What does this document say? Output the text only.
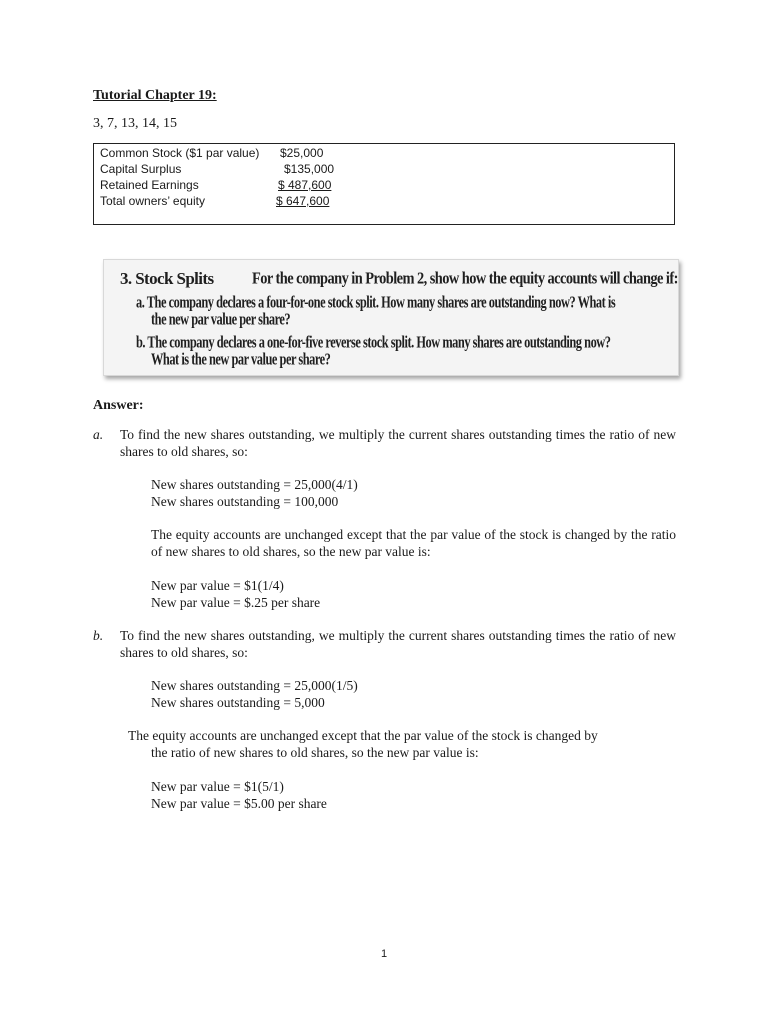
Tutorial Chapter 19:
3, 7, 13, 14, 15
Common Stock ($1 par value) $25,000
Capital Surplus	$135,000
Retained Earnings	$ 487,600
Total owners’ equity	$ 647,600
3. Stock Splits For the company in Problem 2, show how the equity accounts will change if:
a. The company declares a four-for-one stock split. How many shares are outstanding now? What is
the new par value per share?
b. The company declares a one-for-five reverse stock split. How many shares are outstanding now?
What is the new par value per share?
Answer:
a. To find the new shares outstanding, we multiply the current shares outstanding times the ratio of new shares to old shares, so:
New shares outstanding = 25,000(4/1)
New shares outstanding = 100,000
The equity accounts are unchanged except that the par value of the stock is changed by the ratio of new shares to old shares, so the new par value is:
New par value = $1(1/4)
New par value = $.25 per share
b. To find the new shares outstanding, we multiply the current shares outstanding times the ratio of new shares to old shares, so:
New shares outstanding = 25,000(1/5)
New shares outstanding = 5,000
The equity accounts are unchanged except that the par value of the stock is changed by
the ratio of new shares to old shares, so the new par value is:
New par value = $1(5/1)
New par value = $5.00 per share
1
